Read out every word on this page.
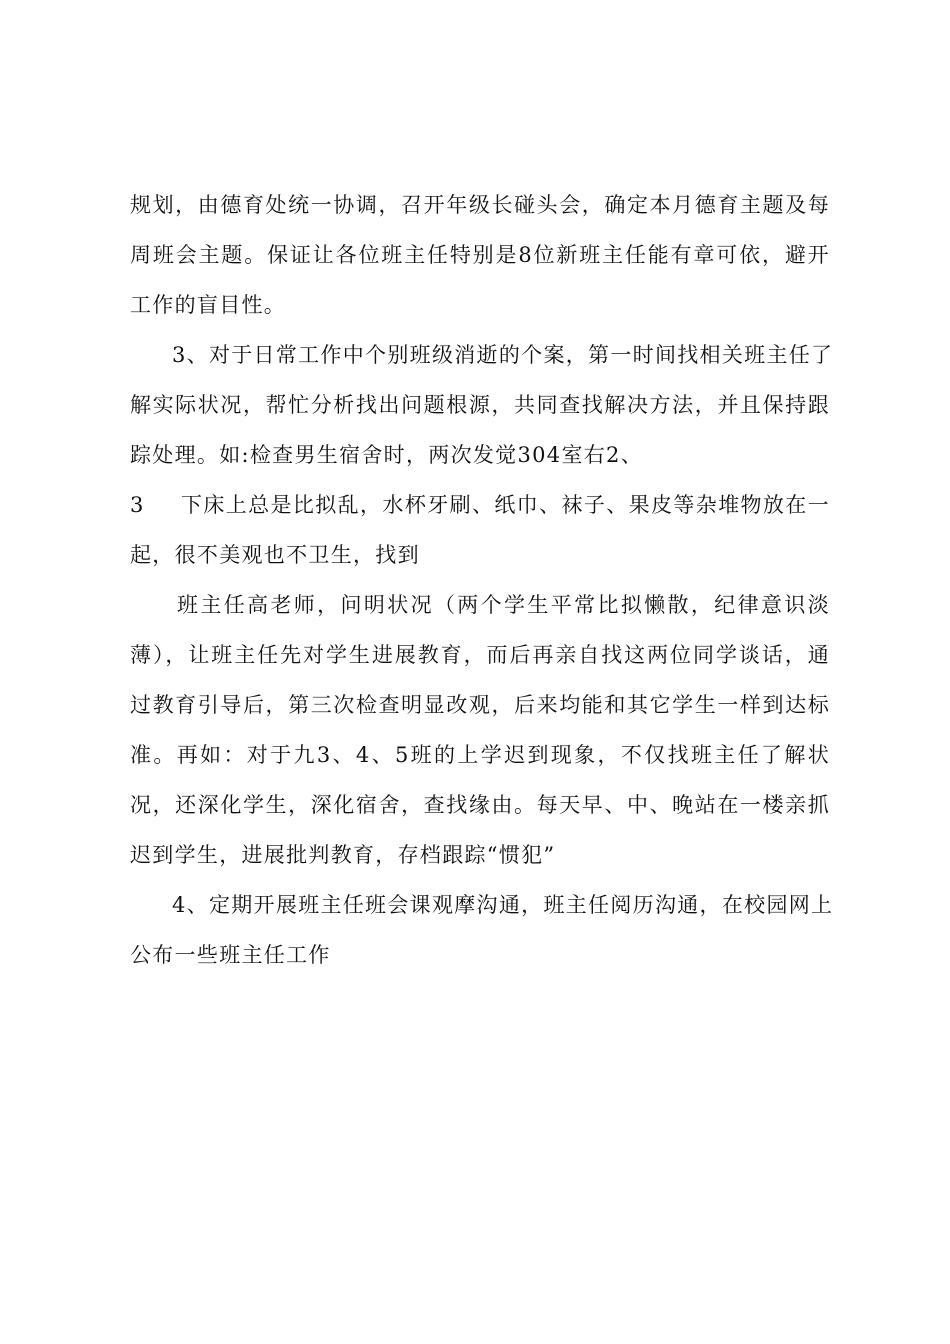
规划，由德育处统一协调，召开年级长碰头会，确定本月德育主题及每
周班会主题。保证让各位班主任特别是8位新班主任能有章可依，避开
工作的盲目性。
3、对于日常工作中个别班级消逝的个案，第一时间找相关班主任了
解实际状况，帮忙分析找出问题根源，共同查找解决方法，并且保持跟
踪处理。如:检查男生宿舍时，两次发觉304室右2、
3 下床上总是比拟乱，水杯牙刷、纸巾、袜子、果皮等杂堆物放在一
起，很不美观也不卫生，找到
班主任高老师，问明状况（两个学生平常比拟懒散，纪律意识淡
薄），让班主任先对学生进展教育，而后再亲自找这两位同学谈话，通
过教育引导后，第三次检查明显改观，后来均能和其它学生一样到达标
准。再如：对于九3、4、5班的上学迟到现象，不仅找班主任了解状
况，还深化学生，深化宿舍，查找缘由。每天早、中、晚站在一楼亲抓
迟到学生，进展批判教育，存档跟踪“惯犯”
4、定期开展班主任班会课观摩沟通，班主任阅历沟通，在校园网上
公布一些班主任工作
